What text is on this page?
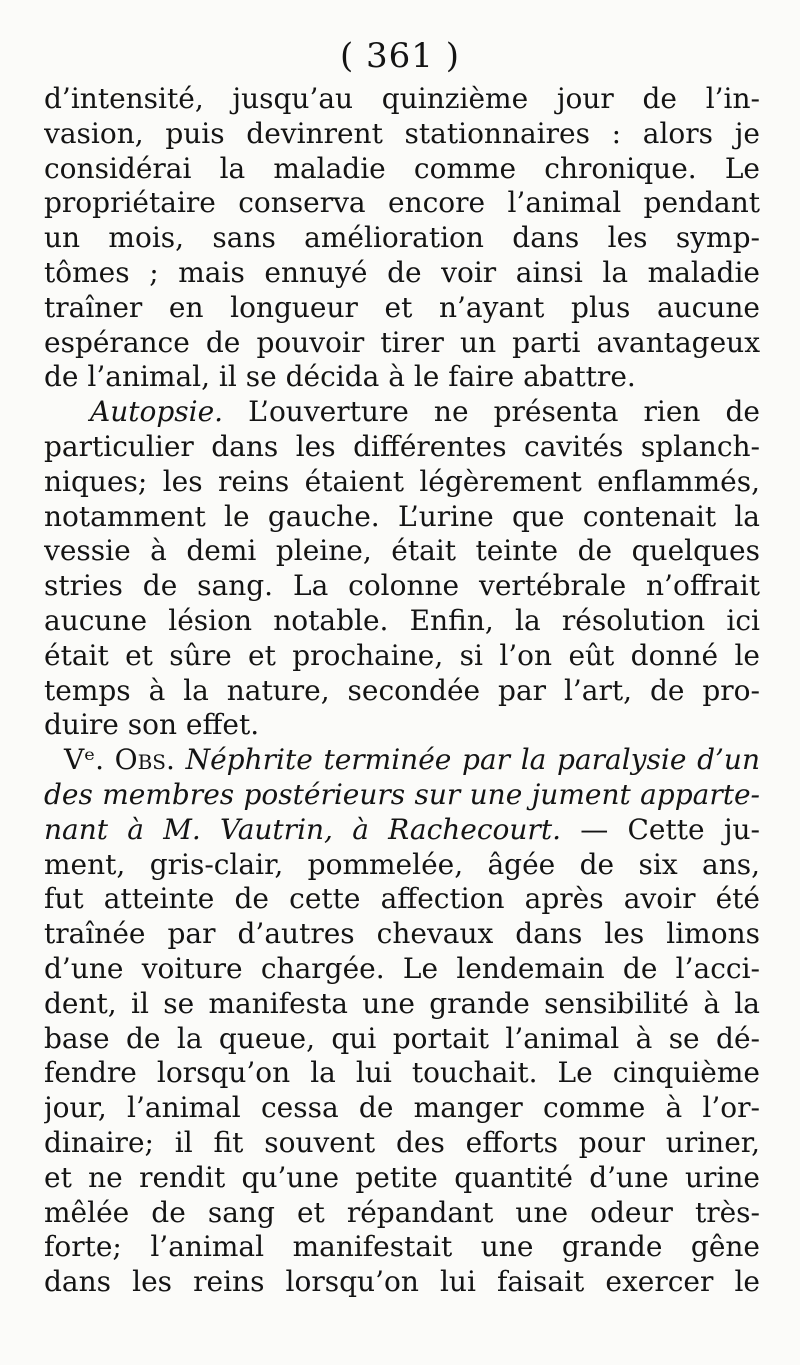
( 361 )
d’intensité, jusqu’au quinzième jour de l’in-
vasion, puis devinrent stationnaires : alors je
considérai la maladie comme chronique. Le
propriétaire conserva encore l’animal pendant
un mois, sans amélioration dans les symp-
tômes ; mais ennuyé de voir ainsi la maladie
traîner en longueur et n’ayant plus aucune
espérance de pouvoir tirer un parti avantageux
de l’animal, il se décida à le faire abattre.
Autopsie. L’ouverture ne présenta rien de
particulier dans les différentes cavités splanch-
niques; les reins étaient légèrement enflammés,
notamment le gauche. L’urine que contenait la
vessie à demi pleine, était teinte de quelques
stries de sang. La colonne vertébrale n’offrait
aucune lésion notable. Enfin, la résolution ici
était et sûre et prochaine, si l’on eût donné le
temps à la nature, secondée par l’art, de pro-
duire son effet.
Vᵉ. Obs. Néphrite terminée par la paralysie d’un
des membres postérieurs sur une jument apparte-
nant à M. Vautrin, à Rachecourt. — Cette ju-
ment, gris-clair, pommelée, âgée de six ans,
fut atteinte de cette affection après avoir été
traînée par d’autres chevaux dans les limons
d’une voiture chargée. Le lendemain de l’acci-
dent, il se manifesta une grande sensibilité à la
base de la queue, qui portait l’animal à se dé-
fendre lorsqu’on la lui touchait. Le cinquième
jour, l’animal cessa de manger comme à l’or-
dinaire; il fit souvent des efforts pour uriner,
et ne rendit qu’une petite quantité d’une urine
mêlée de sang et répandant une odeur très-
forte; l’animal manifestait une grande gêne
dans les reins lorsqu’on lui faisait exercer le
